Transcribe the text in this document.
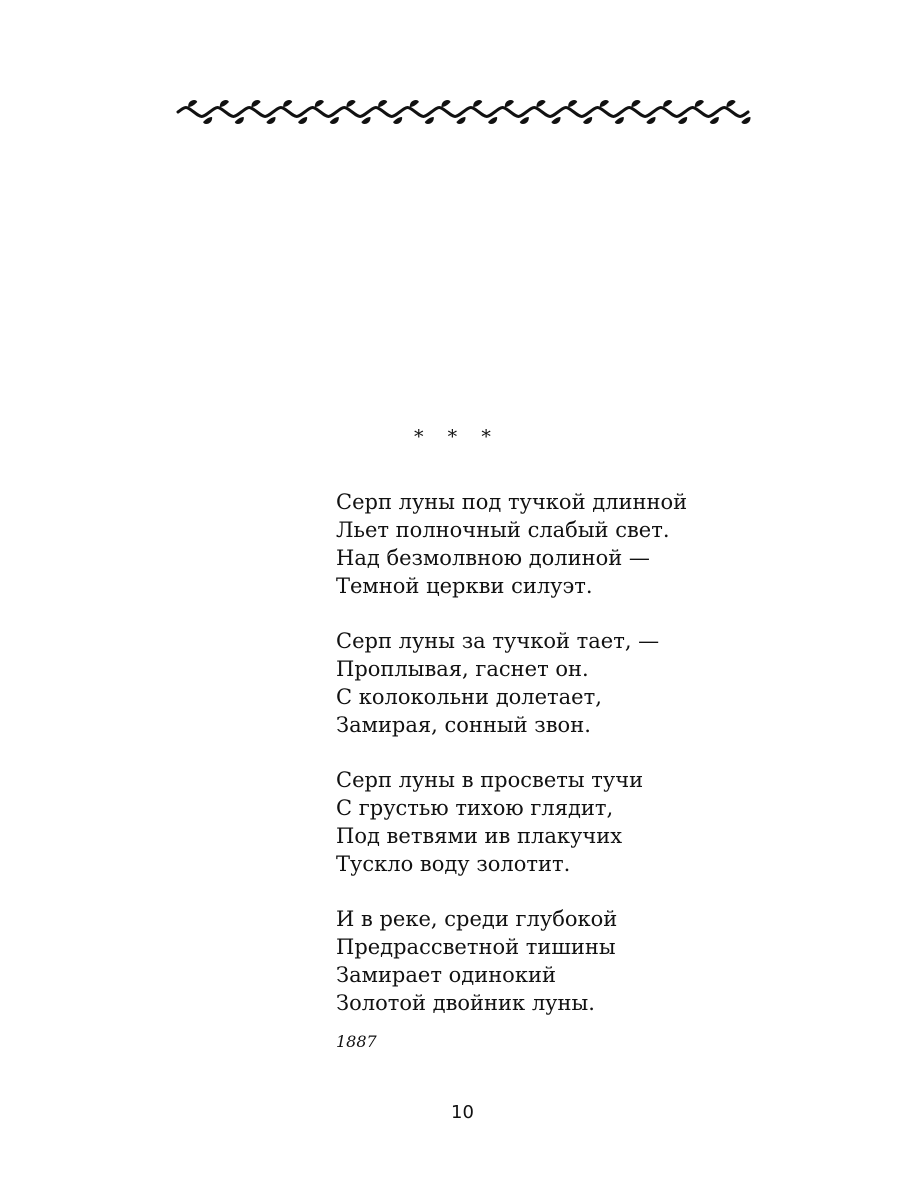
*    *    *
Серп луны под тучкой длинной
Льет полночный слабый свет.
Над безмолвною долиной —
Темной церкви силуэт.
Серп луны за тучкой тает, —
Проплывая, гаснет он.
С колокольни долетает,
Замирая, сонный звон.
Серп луны в просветы тучи
С грустью тихою глядит,
Под ветвями ив плакучих
Тускло воду золотит.
И в реке, среди глубокой
Предрассветной тишины
Замирает одинокий
Золотой двойник луны.
1887
10
